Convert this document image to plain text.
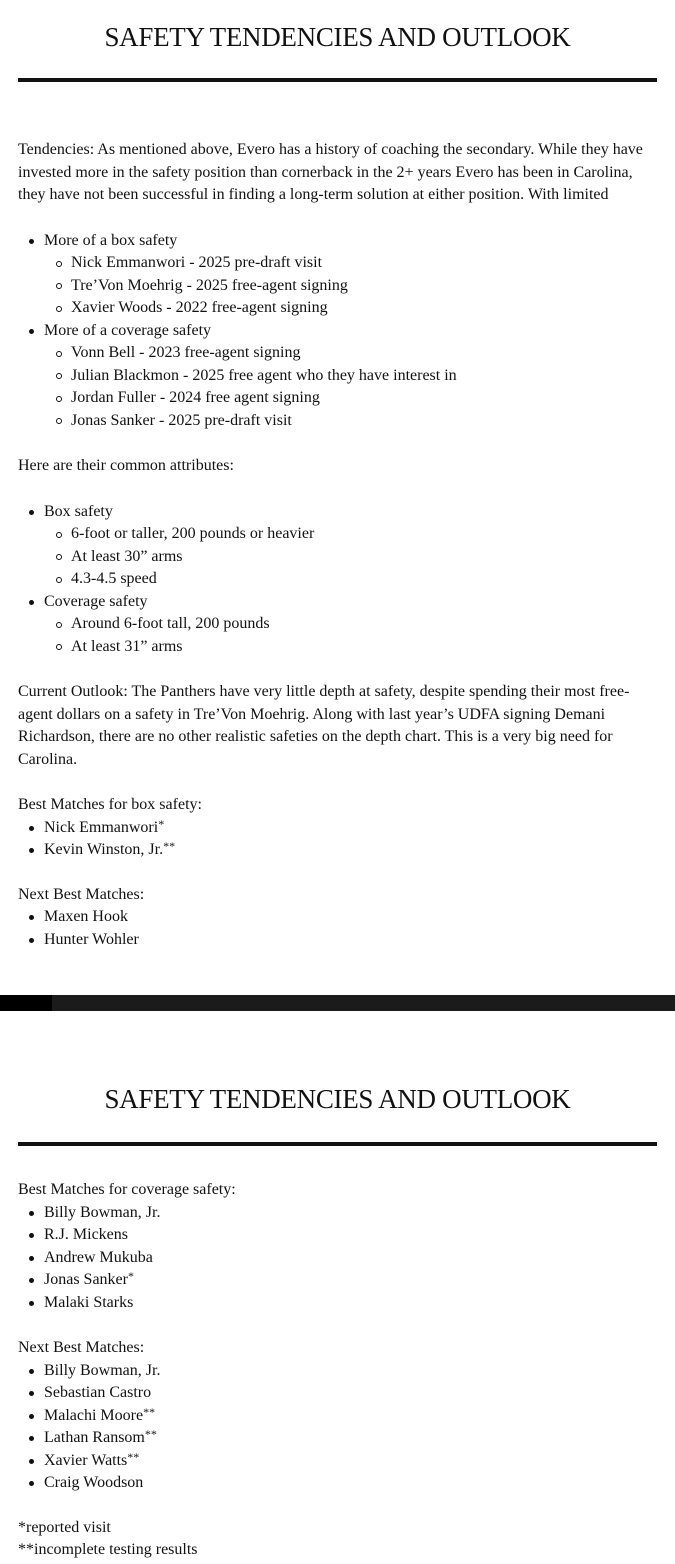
SAFETY TENDENCIES AND OUTLOOK

Tendencies: As mentioned above, Evero has a history of coaching the secondary. While they have invested more in the safety position than cornerback in the 2+ years Evero has been in Carolina, they have not been successful in finding a long-term solution at either position. With limited

More of a box safety
Nick Emmanwori - 2025 pre-draft visit
Tre’Von Moehrig - 2025 free-agent signing
Xavier Woods - 2022 free-agent signing
More of a coverage safety
Vonn Bell - 2023 free-agent signing
Julian Blackmon - 2025 free agent who they have interest in
Jordan Fuller - 2024 free agent signing
Jonas Sanker - 2025 pre-draft visit

Here are their common attributes:

Box safety
6-foot or taller, 200 pounds or heavier
At least 30” arms
4.3-4.5 speed
Coverage safety
Around 6-foot tall, 200 pounds
At least 31” arms

Current Outlook: The Panthers have very little depth at safety, despite spending their most free-agent dollars on a safety in Tre’Von Moehrig. Along with last year’s UDFA signing Demani Richardson, there are no other realistic safeties on the depth chart. This is a very big need for Carolina.

Best Matches for box safety:

Nick Emmanwori*
Kevin Winston, Jr.**

Next Best Matches:

Maxen Hook
Hunter Wohler
SAFETY TENDENCIES AND OUTLOOK

Best Matches for coverage safety:

Billy Bowman, Jr.
R.J. Mickens
Andrew Mukuba
Jonas Sanker*
Malaki Starks

Next Best Matches:

Billy Bowman, Jr.
Sebastian Castro
Malachi Moore**
Lathan Ransom**
Xavier Watts**
Craig Woodson

*reported visit

**incomplete testing results
